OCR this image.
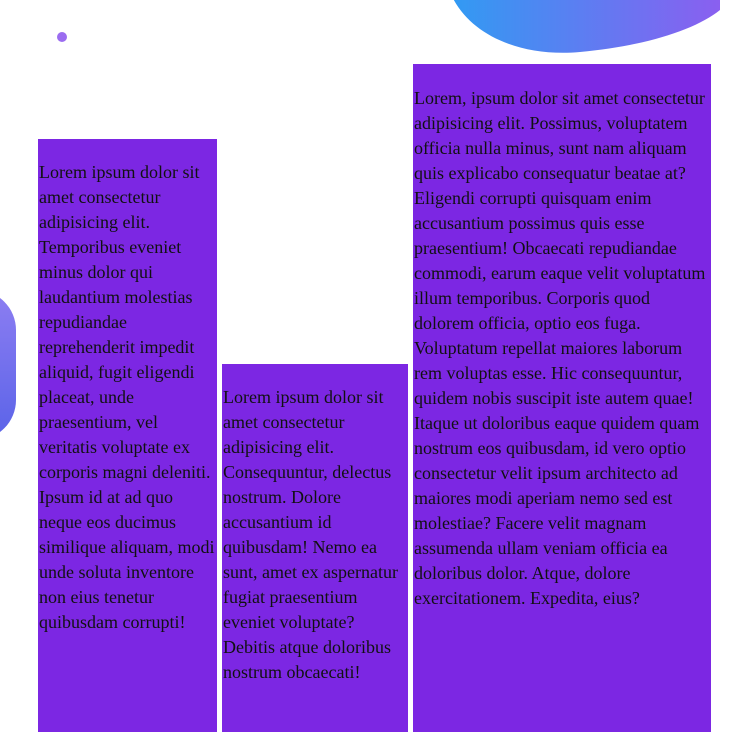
Lorem ipsum dolor sit amet consectetur adipisicing elit. Temporibus eveniet minus dolor qui laudantium molestias repudiandae reprehenderit impedit aliquid, fugit eligendi placeat, unde praesentium, vel veritatis voluptate ex corporis magni deleniti. Ipsum id at ad quo neque eos ducimus similique aliquam, modi unde soluta inventore non eius tenetur quibusdam corrupti!

Lorem ipsum dolor sit amet consectetur adipisicing elit. Consequuntur, delectus nostrum. Dolore accusantium id quibusdam! Nemo ea sunt, amet ex aspernatur fugiat praesentium eveniet voluptate? Debitis atque doloribus nostrum obcaecati!

Lorem, ipsum dolor sit amet consectetur adipisicing elit. Possimus, voluptatem officia nulla minus, sunt nam aliquam quis explicabo consequatur beatae at? Eligendi corrupti quisquam enim accusantium possimus quis esse praesentium! Obcaecati repudiandae commodi, earum eaque velit voluptatum illum temporibus. Corporis quod dolorem officia, optio eos fuga. Voluptatum repellat maiores laborum rem voluptas esse. Hic consequuntur, quidem nobis suscipit iste autem quae! Itaque ut doloribus eaque quidem quam nostrum eos quibusdam, id vero optio consectetur velit ipsum architecto ad maiores modi aperiam nemo sed est molestiae? Facere velit magnam assumenda ullam veniam officia ea doloribus dolor. Atque, dolore exercitationem. Expedita, eius?
